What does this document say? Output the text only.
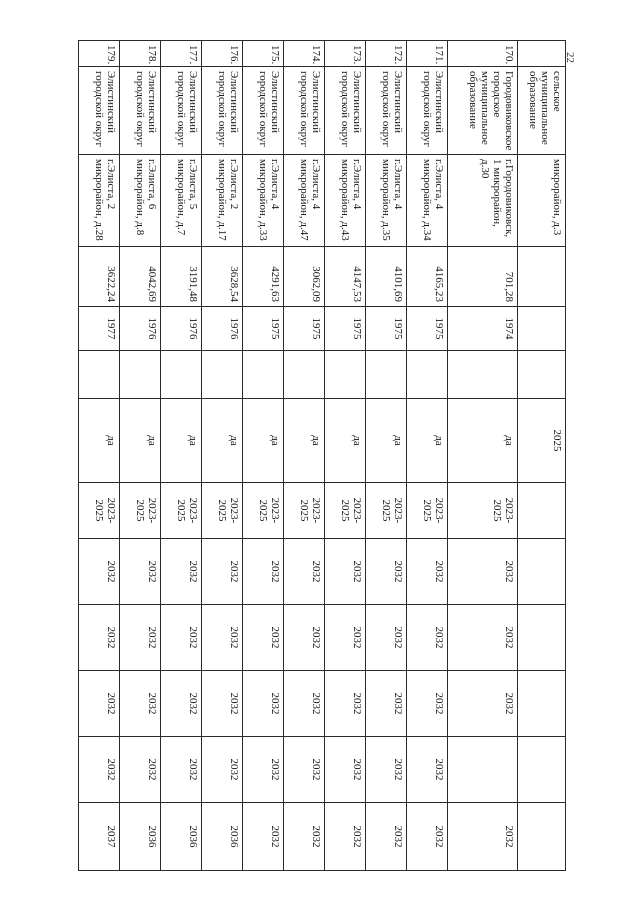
	сельское муниципальное образование	микрорайон, д.3				2025						
170.	Городовиковское городское муниципальное образование	г.Городовиковск, 1 микрорайон, д.30	701,28	1974		да	2023-2025	2032	2032	2032		2032
171.	Элистинский городской округ	г.Элиста, 4 микрорайон, д.34	4165,23	1975		да	2023-2025	2032	2032	2032	2032	2032
172.	Элистинский городской округ	г.Элиста, 4 микрорайон, д.35	4101,69	1975		да	2023-2025	2032	2032	2032	2032	2032
173.	Элистинский городской округ	г.Элиста, 4 микрорайон, д.43	4147,53	1975		да	2023-2025	2032	2032	2032	2032	2032
174.	Элистинский городской округ	г.Элиста, 4 микрорайон, д.47	3062,09	1975		да	2023-2025	2032	2032	2032	2032	2032
175.	Элистинский городской округ	г.Элиста, 4 микрорайон, д.33	4291,63	1975		да	2023-2025	2032	2032	2032	2032	2032
176.	Элистинский городской округ	г.Элиста, 2 микрорайон, д.17	3628,54	1976		да	2023-2025	2032	2032	2032	2032	2036
177.	Элистинский городской округ	г.Элиста, 5 микрорайон, д.7	3191,48	1976		да	2023-2025	2032	2032	2032	2032	2036
178.	Элистинский городской округ	г.Элиста, 6 микрорайон, д.8	4042,69	1976		да	2023-2025	2032	2032	2032	2032	2036
179.	Элистинский городской округ	г.Элиста, 2 микрорайон, д.28	3622,24	1977		да	2023-2025	2032	2032	2032	2032	2037
22
